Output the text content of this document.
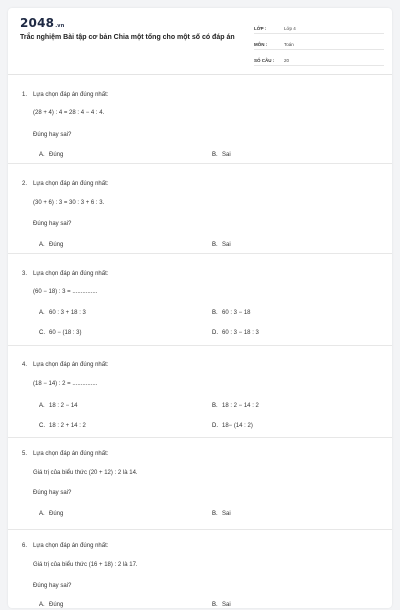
2048.vn
Trắc nghiệm Bài tập cơ bản Chia một tổng cho một số có đáp án
LỚP :	Lớp 4
MÔN :	Toán
SỐ CÂU :	20
1. Lựa chọn đáp án đúng nhất:
(28 + 4) : 4 = 28 : 4 − 4 : 4.
Đúng hay sai?
A. Đúng	B. Sai
2. Lựa chọn đáp án đúng nhất:
(30 + 6) : 3 = 30 : 3 + 6 : 3.
Đúng hay sai?
A. Đúng	B. Sai
3. Lựa chọn đáp án đúng nhất:
(60 − 18) : 3 = ...............
A. 60 : 3 + 18 : 3	B. 60 : 3 − 18
C. 60 − (18 : 3)	D. 60 : 3 − 18 : 3
4. Lựa chọn đáp án đúng nhất:
(18 − 14) : 2 = ...............
A. 18 : 2 − 14	B. 18 : 2 − 14 : 2
C. 18 : 2 + 14 : 2	D. 18− (14 : 2)
5. Lựa chọn đáp án đúng nhất:
Giá trị của biểu thức (20 + 12) : 2 là 14.
Đúng hay sai?
A. Đúng	B. Sai
6. Lựa chọn đáp án đúng nhất:
Giá trị của biểu thức (16 + 18) : 2 là 17.
Đúng hay sai?
A. Đúng	B. Sai
